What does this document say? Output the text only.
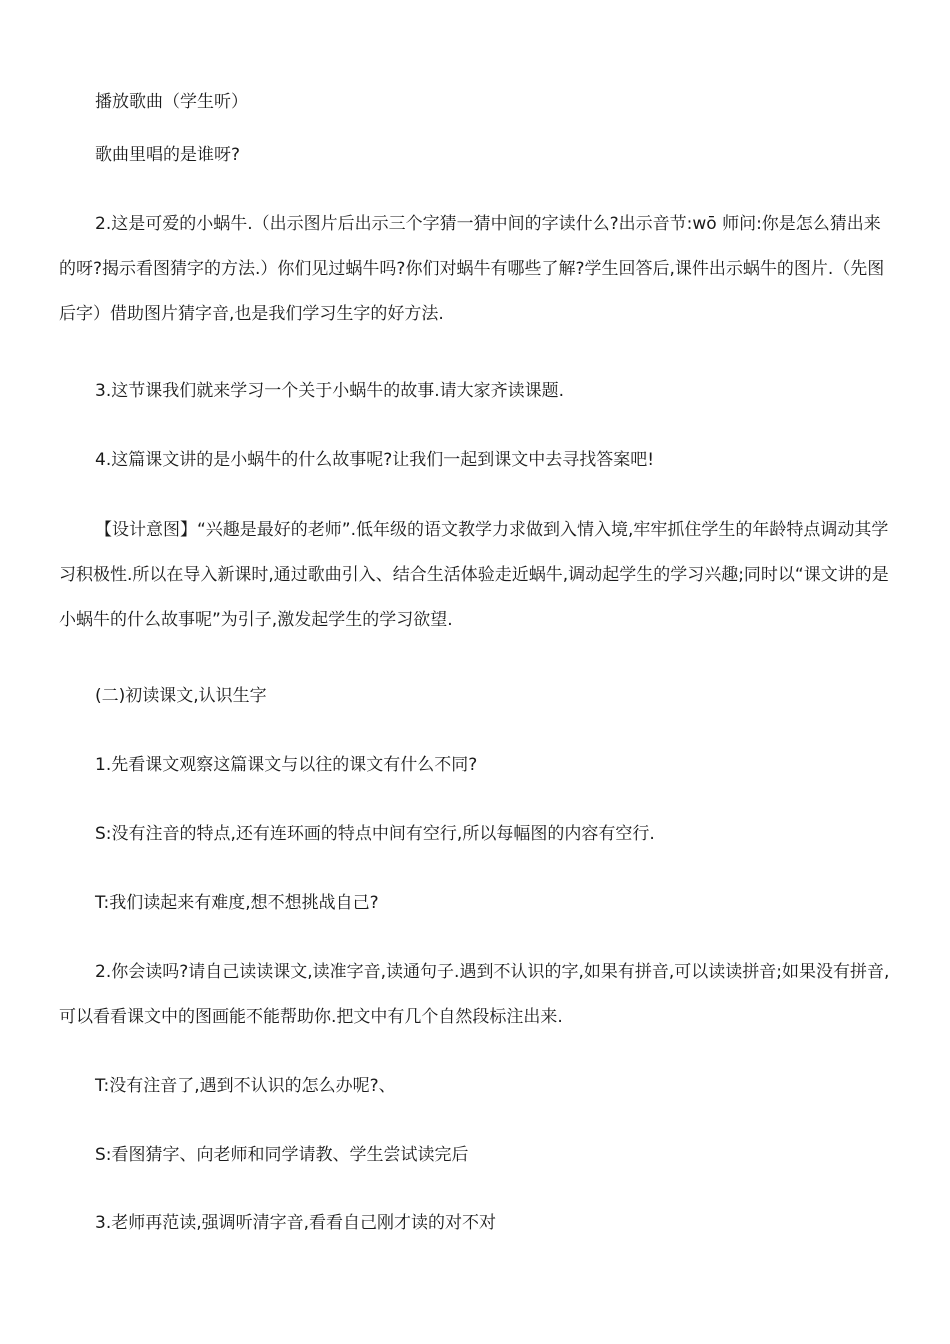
播放歌曲（学生听）

歌曲里唱的是谁呀?

2.这是可爱的小蜗牛.（出示图片后出示三个字猜一猜中间的字读什么?出示音节:wō 师问:你是怎么猜出来的呀?揭示看图猜字的方法.）你们见过蜗牛吗?你们对蜗牛有哪些了解?学生回答后,课件出示蜗牛的图片.（先图后字）借助图片猜字音,也是我们学习生字的好方法.

3.这节课我们就来学习一个关于小蜗牛的故事.请大家齐读课题.

4.这篇课文讲的是小蜗牛的什么故事呢?让我们一起到课文中去寻找答案吧!

【设计意图】“兴趣是最好的老师”.低年级的语文教学力求做到入情入境,牢牢抓住学生的年龄特点调动其学习积极性.所以在导入新课时,通过歌曲引入、结合生活体验走近蜗牛,调动起学生的学习兴趣;同时以“课文讲的是小蜗牛的什么故事呢”为引子,激发起学生的学习欲望.

(二)初读课文,认识生字

1.先看课文观察这篇课文与以往的课文有什么不同?

S:没有注音的特点,还有连环画的特点中间有空行,所以每幅图的内容有空行.

T:我们读起来有难度,想不想挑战自己?

2.你会读吗?请自己读读课文,读准字音,读通句子.遇到不认识的字,如果有拼音,可以读读拼音;如果没有拼音,可以看看课文中的图画能不能帮助你.把文中有几个自然段标注出来.

T:没有注音了,遇到不认识的怎么办呢?、

S:看图猜字、向老师和同学请教、学生尝试读完后

3.老师再范读,强调听清字音,看看自己刚才读的对不对
